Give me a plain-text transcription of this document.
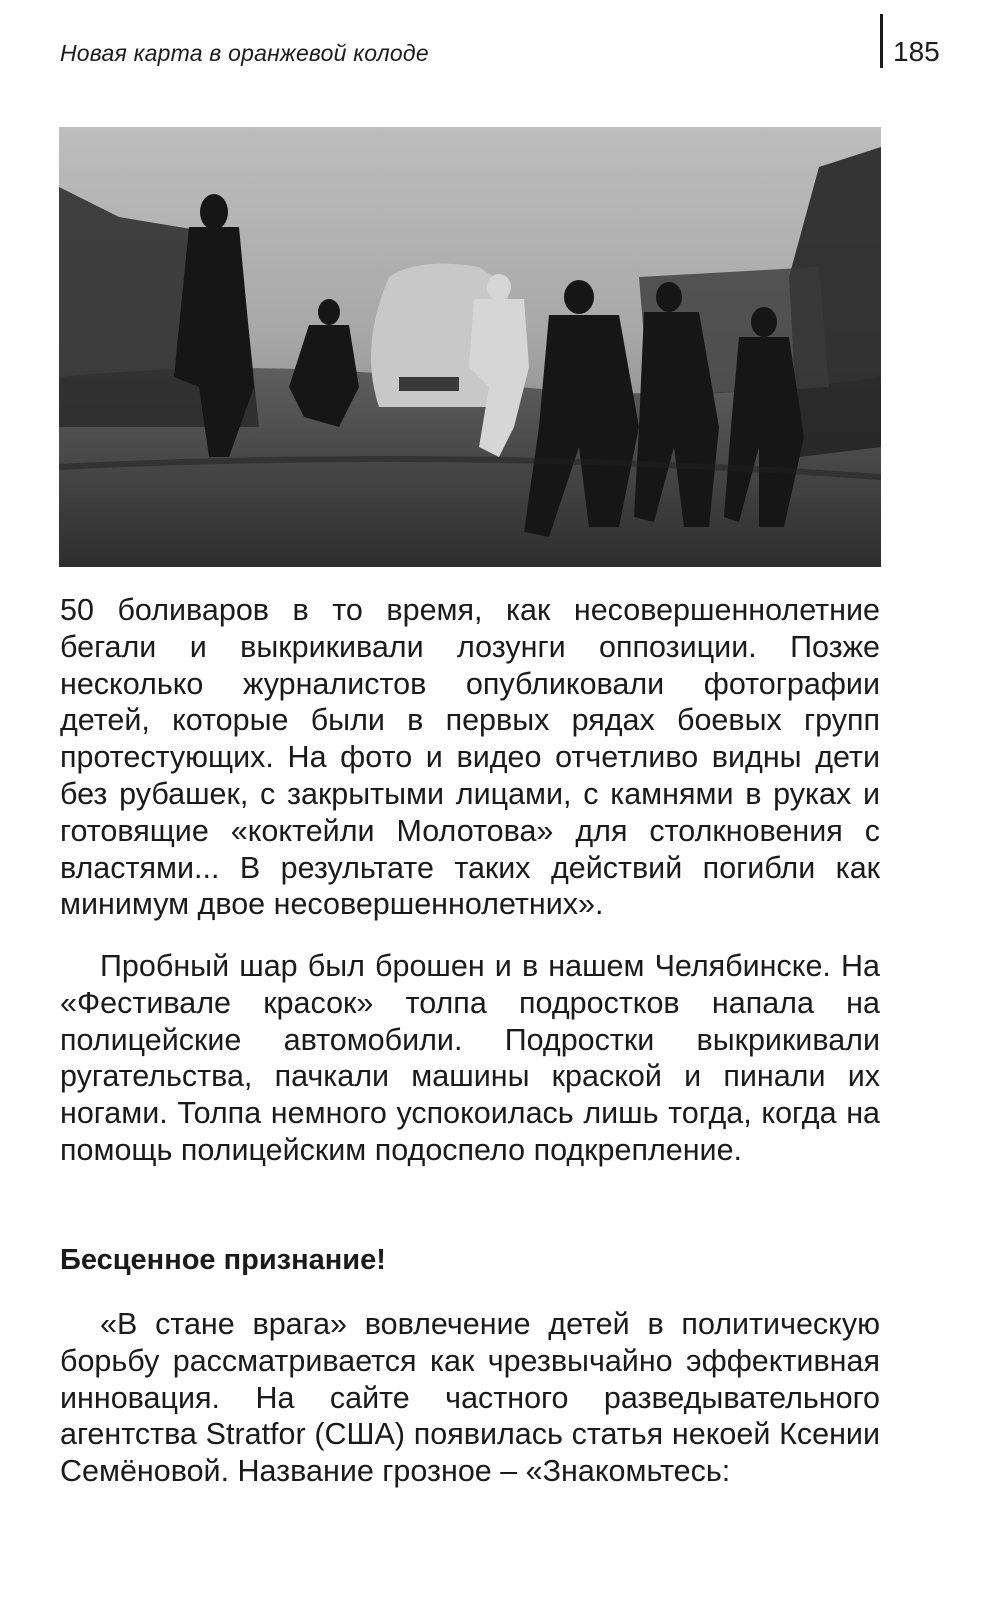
Новая карта в оранжевой колоде	185

50 боливаров в то время, как несовершеннолетние бегали и выкрикивали лозунги оппозиции. Позже несколько журналистов опубликовали фотографии детей, которые были в первых рядах боевых групп протестующих. На фото и видео отчетливо видны дети без рубашек, с закрытыми лицами, с камнями в руках и готовящие «коктейли Молотова» для столкновения с властями... В результате таких действий погибли как минимум двое несовершеннолетних».

Пробный шар был брошен и в нашем Челябинске. На «Фестивале красок» толпа подростков напала на полицейские автомобили. Подростки выкрикивали ругательства, пачкали машины краской и пинали их ногами. Толпа немного успокоилась лишь тогда, когда на помощь полицейским подоспело подкрепление.

Бесценное признание!

«В стане врага» вовлечение детей в политическую борьбу рассматривается как чрезвычайно эффективная инновация. На сайте частного разведывательного агентства Stratfor (США) появилась статья некоей Ксении Семёновой. Название грозное – «Знакомьтесь:
